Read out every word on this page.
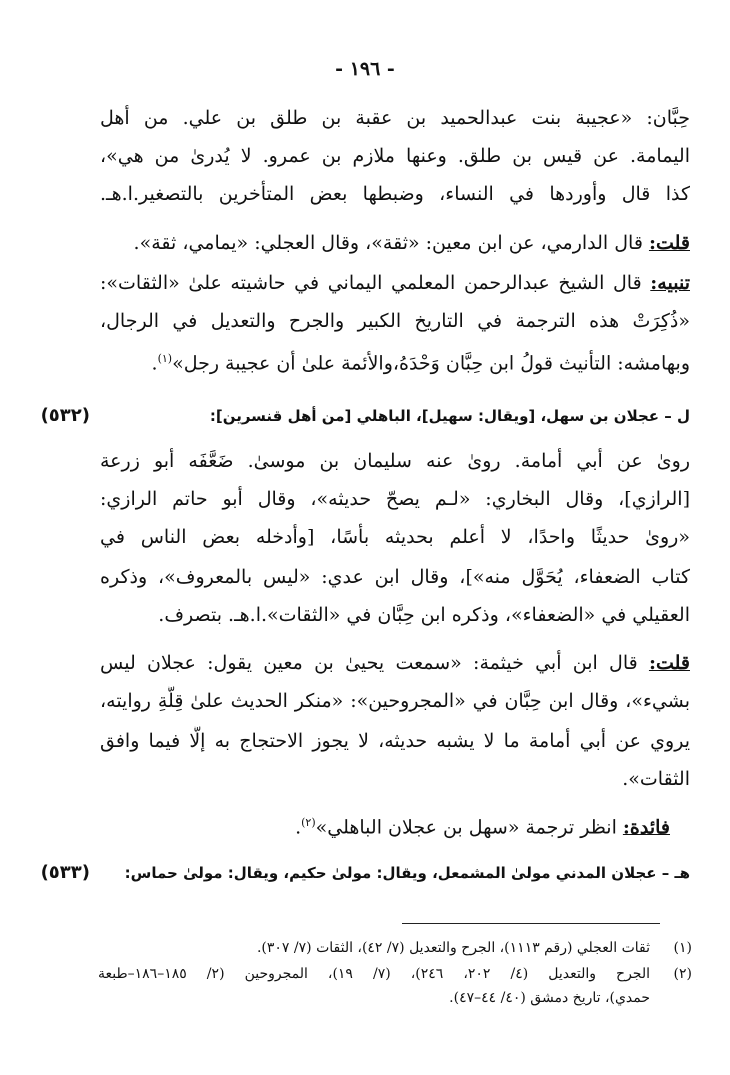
- ١٩٦ -
حِبَّان: «عجيبة بنت عبدالحميد بن عقبة بن طلق بن علي. من أهل
اليمامة. عن قيس بن طلق. وعنها ملازم بن عمرو. لا يُدرىٰ من هي»،
كذا قال وأوردها في النساء، وضبطها بعض المتأخرين بالتصغير.ا.هـ.
قلت: قال الدارمي، عن ابن معين: «ثقة»، وقال العجلي: «يمامي، ثقة».
تنبيه: قال الشيخ عبدالرحمن المعلمي اليماني في حاشيته علىٰ «الثقات»:
«ذُكِرَتْ هذه الترجمة في التاريخ الكبير والجرح والتعديل في الرجال،
وبهامشه: التأنيث قولُ ابن حِبَّان وَحْدَهُ،والأئمة علىٰ أن عجيبة رجل»$^{(١)}$.
(٥٣٢)	ل – عجلان بن سهل، [ويقال: سهيل]، الباهلي [من أهل قنسرين]:
روىٰ عن أبي أمامة. روىٰ عنه سليمان بن موسىٰ. ضَعَّفَه أبو زرعة
[الرازي]، وقال البخاري: «لـم يصحّ حديثه»، وقال أبو حاتم الرازي:
«روىٰ حديثًا واحدًا، لا أعلم بحديثه بأسًا، [وأدخله بعض الناس في
كتاب الضعفاء، يُحَوَّل منه»]، وقال ابن عدي: «ليس بالمعروف»، وذكره
العقيلي في «الضعفاء»، وذكره ابن حِبَّان في «الثقات».ا.هـ. بتصرف.
قلت: قال ابن أبي خيثمة: «سمعت يحيىٰ بن معين يقول: عجلان ليس
بشيء»، وقال ابن حِبَّان في «المجروحين»: «منكر الحديث علىٰ قِلَّةِ روايته،
يروي عن أبي أمامة ما لا يشبه حديثه، لا يجوز الاحتجاج به إلَّا فيما وافق
الثقات».
فائدة: انظر ترجمة «سهل بن عجلان الباهلي»$^{(٢)}$.
(٥٣٣)	هـ – عجلان المدني مولىٰ المشمعل، ويقال: مولىٰ حكيم، ويقال: مولىٰ حماس:
(١)
ثقات العجلي (رقم ١١١٣)، الجرح والتعديل (٧/ ٤٢)، الثقات (٧/ ٣٠٧).
(٢)
الجرح والتعديل (٤/ ٢٠٢، ٢٤٦)، (٧/ ١٩)، المجروحين (٢/ ١٨٥–١٨٦–طبعة
حمدي)، تاريخ دمشق (٤٠/ ٤٤–٤٧).
